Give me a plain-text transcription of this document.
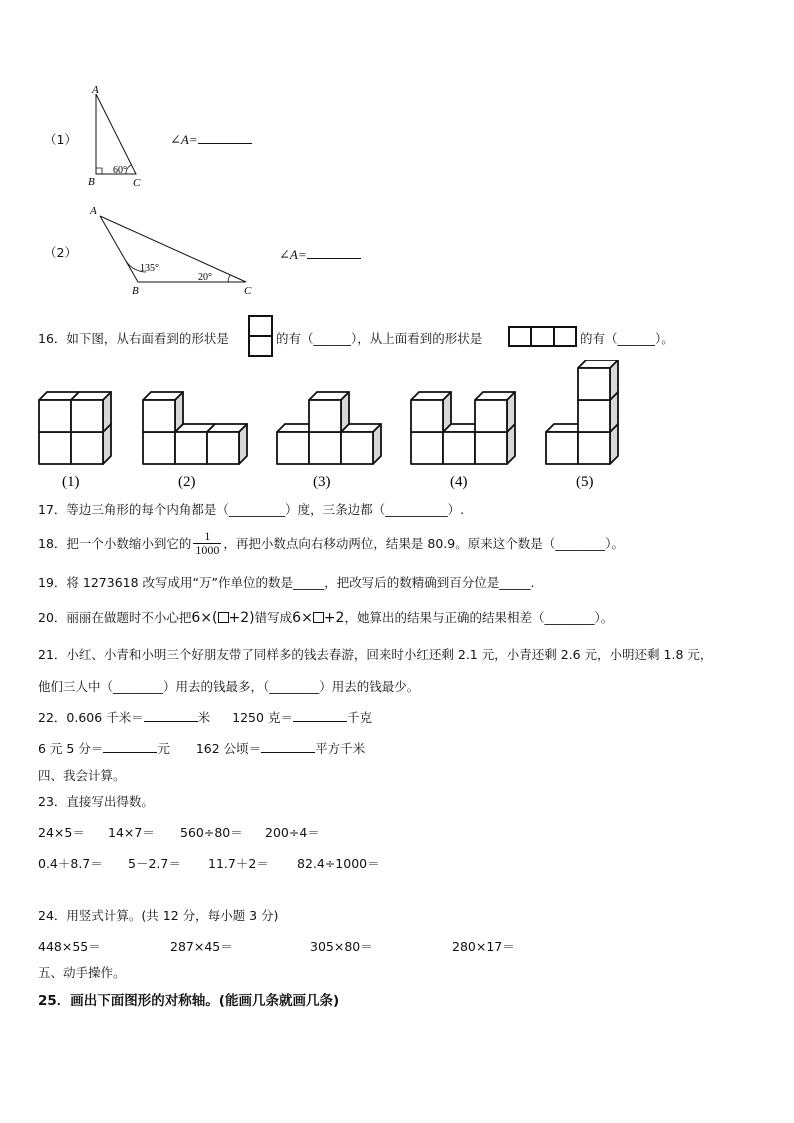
（1）
A
B	C
60°
∠A=
（2）
A
B	C
135°
20°
∠A=
16．如下图，从右面看到的形状是	的有（______），从上面看到的形状是	的有（______）。
(1)	(2)	(3)	(4)	(5)
17．等边三角形的每个内角都是（_________）度，三条边都（__________）.
18．把一个小数缩小到它的 $\frac{1}{1000}$ ，再把小数点向右移动两位，结果是 80.9。原来这个数是（________）。
19．将 1273618 改写成用“万”作单位的数是_____，把改写后的数精确到百分位是_____.
20．丽丽在做题时不小心把6×( +2)错写成6× +2，她算出的结果与正确的结果相差（________）。
21．小红、小青和小明三个好朋友带了同样多的钱去春游，回来时小红还剩 2.1 元，小青还剩 2.6 元，小明还剩 1.8 元，
他们三人中（________）用去的钱最多，（________）用去的钱最少。
22．0.606 千米＝	米 1250 克＝	千克
6 元 5 分＝	元 162 公顷＝	平方千米
四、我会计算。
23．直接写出得数。
24×5＝ 14×7＝ 560÷80＝ 200÷4＝
0.4＋8.7＝ 5－2.7＝ 11.7＋2＝ 82.4÷1000＝
24．用竖式计算。(共 12 分，每小题 3 分)
448×55＝	287×45＝	305×80＝	280×17＝
五、动手操作。
25．画出下面图形的对称轴。(能画几条就画几条)
